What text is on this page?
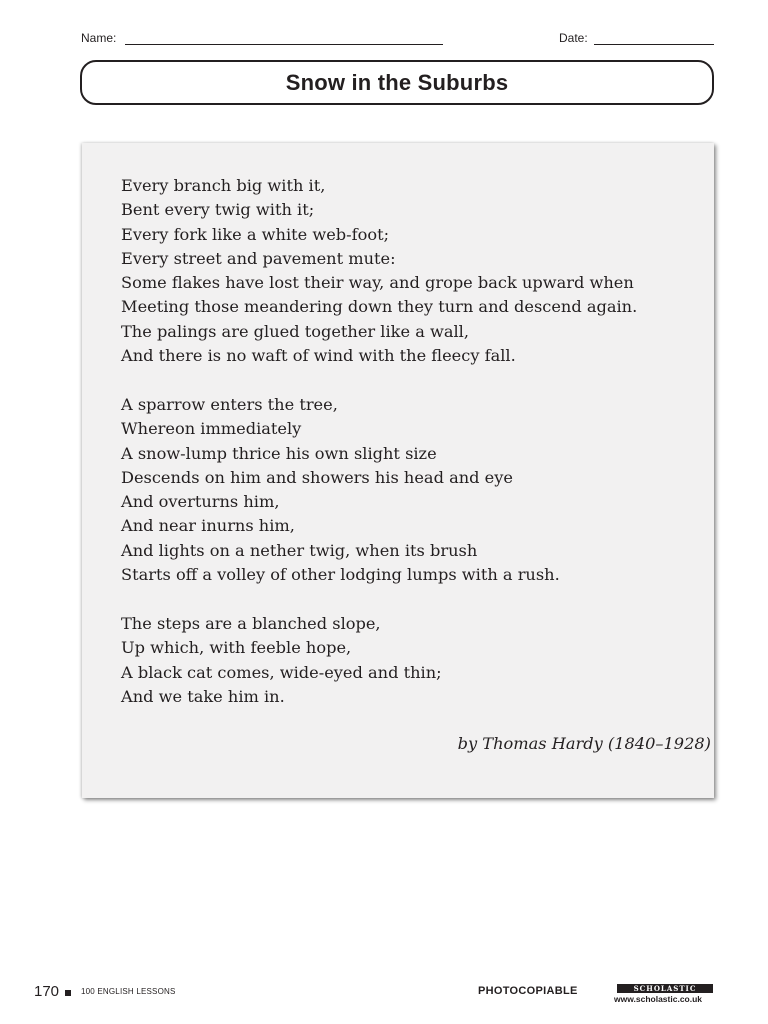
Name:	Date:
Snow in the Suburbs
Every branch big with it,
Bent every twig with it;
Every fork like a white web-foot;
Every street and pavement mute:
Some flakes have lost their way, and grope back upward when
Meeting those meandering down they turn and descend again.
The palings are glued together like a wall,
And there is no waft of wind with the fleecy fall.
A sparrow enters the tree,
Whereon immediately
A snow-lump thrice his own slight size
Descends on him and showers his head and eye
And overturns him,
And near inurns him,
And lights on a nether twig, when its brush
Starts off a volley of other lodging lumps with a rush.
The steps are a blanched slope,
Up which, with feeble hope,
A black cat comes, wide-eyed and thin;
And we take him in.
by Thomas Hardy (1840–1928)
170	100 ENGLISH LESSONS	PHOTOCOPIABLE	SCHOLASTIC
www.scholastic.co.uk
